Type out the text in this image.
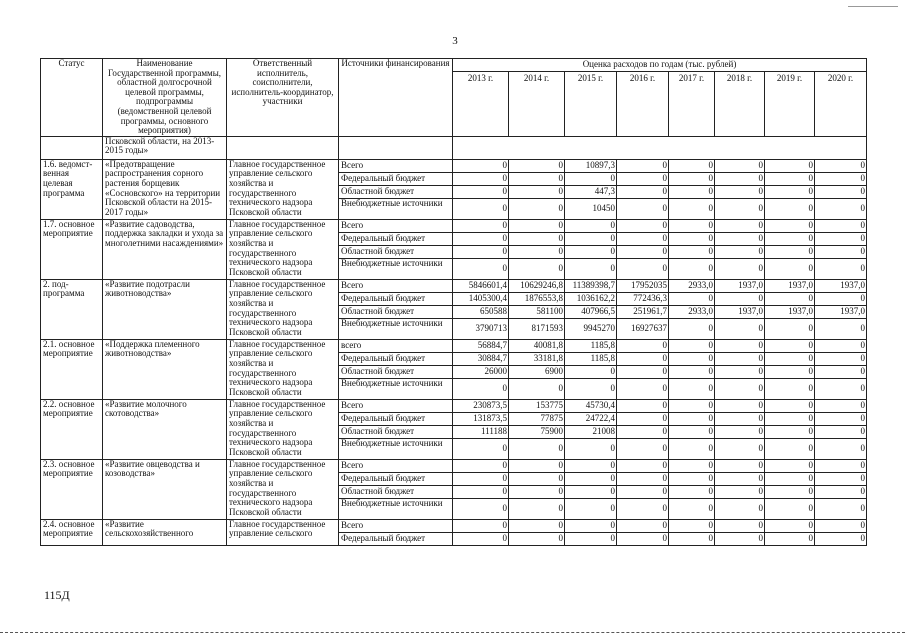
3
Статус	Наименование Государственной программы, областной долгосрочной целевой программы, подпрограммы (ведомственной целевой программы, основного мероприятия)	Ответственный исполнитель, соисполнители, исполнитель-координатор, участники	Источники финансирования	Оценка расходов по годам (тыс. рублей)							
				2013 г.	2014 г.	2015 г.	2016 г.	2017 г.	2018 г.	2019 г.	2020 г.
	Псковской области, на 2013-2015 годы»										
1.6. ведомст-венная целевая программа	«Предотвращение распространения сорного растения борщевик «Сосновского» на территории Псковской области на 2015-2017 годы»	Главное государственное управление сельского хозяйства и государственного технического надзора Псковской области	Всего	0	0	10897,3	0	0	0	0	0
			Федеральный бюджет	0	0	0	0	0	0	0	0
			Областной бюджет	0	0	447,3	0	0	0	0	0
			Внебюджетные источники	0	0	10450	0	0	0	0	0
1.7. основное мероприятие	«Развитие садоводства, поддержка закладки и ухода за многолетними насаждениями»	Главное государственное управление сельского хозяйства и государственного технического надзора Псковской области	Всего	0	0	0	0	0	0	0	0
			Федеральный бюджет	0	0	0	0	0	0	0	0
			Областной бюджет	0	0	0	0	0	0	0	0
			Внебюджетные источники	0	0	0	0	0	0	0	0
2. под-программа	«Развитие подотрасли животноводства»	Главное государственное управление сельского хозяйства и государственного технического надзора Псковской области	Всего	5846601,4	10629246,8	11389398,7	17952035	2933,0	1937,0	1937,0	1937,0
			Федеральный бюджет	1405300,4	1876553,8	1036162,2	772436,3	0	0	0	0
			Областной бюджет	650588	581100	407966,5	251961,7	2933,0	1937,0	1937,0	1937,0
			Внебюджетные источники	3790713	8171593	9945270	16927637	0	0	0	0
2.1. основное мероприятие	«Поддержка племенного животноводства»	Главное государственное управление сельского хозяйства и государственного технического надзора Псковской области	всего	56884,7	40081,8	1185,8	0	0	0	0	0
			Федеральный бюджет	30884,7	33181,8	1185,8	0	0	0	0	0
			Областной бюджет	26000	6900	0	0	0	0	0	0
			Внебюджетные источники	0	0	0	0	0	0	0	0
2.2. основное мероприятие	«Развитие молочного скотоводства»	Главное государственное управление сельского хозяйства и государственного технического надзора Псковской области	Всего	230873,5	153775	45730,4	0	0	0	0	0
			Федеральный бюджет	131873,5	77875	24722,4	0	0	0	0	0
			Областной бюджет	111188	75900	21008	0	0	0	0	0
			Внебюджетные источники	0	0	0	0	0	0	0	0
2.3. основное мероприятие	«Развитие овцеводства и козоводства»	Главное государственное управление сельского хозяйства и государственного технического надзора Псковской области	Всего	0	0	0	0	0	0	0	0
			Федеральный бюджет	0	0	0	0	0	0	0	0
			Областной бюджет	0	0	0	0	0	0	0	0
			Внебюджетные источники	0	0	0	0	0	0	0	0
2.4. основное мероприятие	«Развитие сельскохозяйственного	Главное государственное управление сельского	Всего	0	0	0	0	0	0	0	0
			Федеральный бюджет	0	0	0	0	0	0	0	0
115Д
